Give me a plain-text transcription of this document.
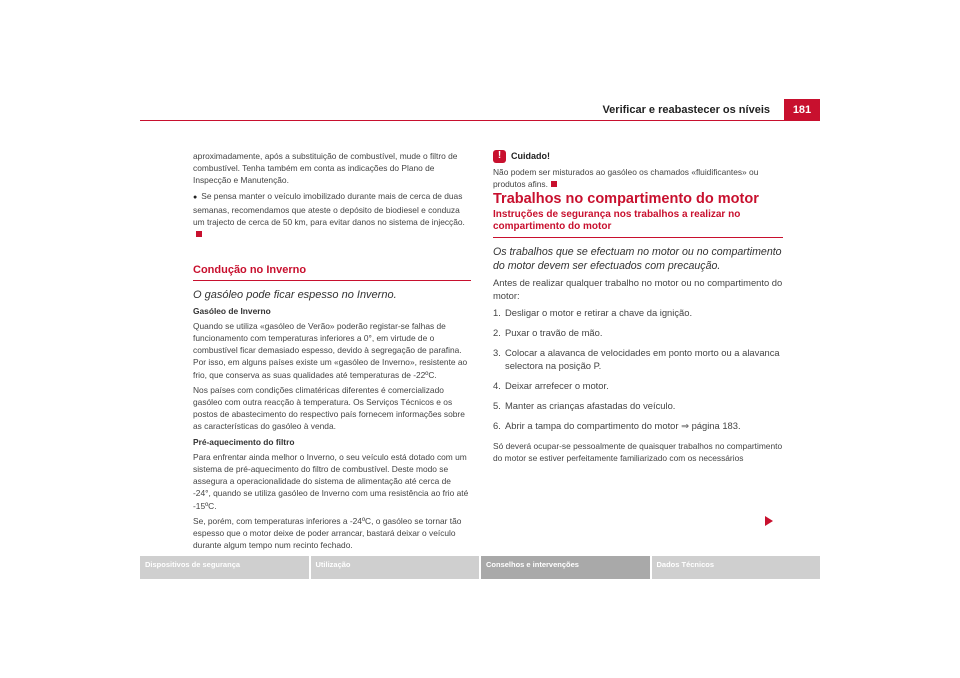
Verificar e reabastecer os níveis	181

aproximadamente, após a substituição de combustível, mude o filtro de combustível. Tenha também em conta as indicações do Plano de Inspecção e Manutenção.

● Se pensa manter o veículo imobilizado durante mais de cerca de duas semanas, recomendamos que ateste o depósito de biodiesel e conduza um trajecto de cerca de 50 km, para evitar danos no sistema de injecção.

Condução no Inverno

O gasóleo pode ficar espesso no Inverno.

Gasóleo de Inverno

Quando se utiliza «gasóleo de Verão» poderão registar-se falhas de funcionamento com temperaturas inferiores a 0°, em virtude de o combustível ficar demasiado espesso, devido à segregação de parafina. Por isso, em alguns países existe um «gasóleo de Inverno», resistente ao frio, que conserva as suas qualidades até temperaturas de -22ºC.

Nos países com condições climatéricas diferentes é comercializado gasóleo com outra reacção à temperatura. Os Serviços Técnicos e os postos de abastecimento do respectivo país fornecem informações sobre as características do gasóleo à venda.

Pré-aquecimento do filtro

Para enfrentar ainda melhor o Inverno, o seu veículo está dotado com um sistema de pré-aquecimento do filtro de combustível. Deste modo se assegura a operacionalidade do sistema de alimentação até cerca de -24°, quando se utiliza gasóleo de Inverno com uma resistência ao frio até -15ºC.

Se, porém, com temperaturas inferiores a -24ºC, o gasóleo se tornar tão espesso que o motor deixe de poder arrancar, bastará deixar o veículo durante algum tempo num recinto fechado.

!	Cuidado!

Não podem ser misturados ao gasóleo os chamados «fluidificantes» ou produtos afins.

Trabalhos no compartimento do motor

Instruções de segurança nos trabalhos a realizar no compartimento do motor

Os trabalhos que se efectuam no motor ou no compartimento do motor devem ser efectuados com precaução.

Antes de realizar qualquer trabalho no motor ou no compartimento do motor:

1. Desligar o motor e retirar a chave da ignição.
2. Puxar o travão de mão.
3. Colocar a alavanca de velocidades em ponto morto ou a alavanca selectora na posição P.
4. Deixar arrefecer o motor.
5. Manter as crianças afastadas do veículo.
6. Abrir a tampa do compartimento do motor ⇒ página 183.

Só deverá ocupar-se pessoalmente de quaisquer trabalhos no compartimento do motor se estiver perfeitamente familiarizado com os necessários

Dispositivos de segurança	Utilização	Conselhos e intervenções	Dados Técnicos
